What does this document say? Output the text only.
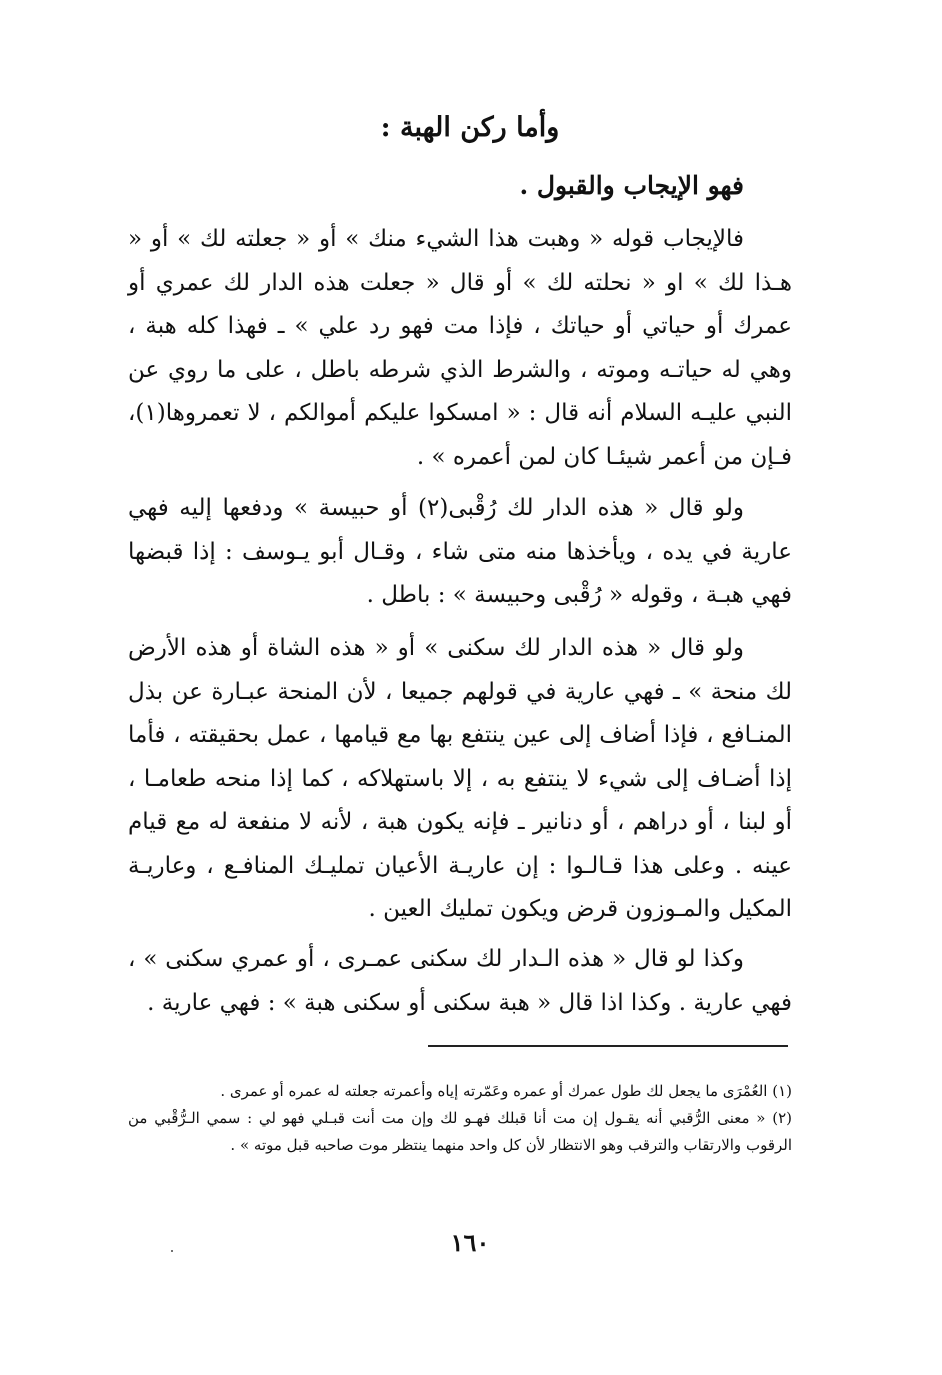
وأما ركن الهبة :
فهو الإيجاب والقبول .

فالإيجاب قوله « وهبت هذا الشيء منك » أو « جعلته لك » أو « هـذا لك » او « نحلته لك » أو قال « جعلت هذه الدار لك عمري أو عمرك أو حياتي أو حياتك ، فإذا مت فهو رد علي » ـ فهذا كله هبة ، وهي له حياتـه وموته ، والشرط الذي شرطه باطل ، على ما روي عن النبي عليـه السلام أنه قال : « امسكوا عليكم أموالكم ، لا تعمروها(١)، فـإن من أعمر شيئـا كان لمن أعمره » .

ولو قال « هذه الدار لك رُقْبى(٢) أو حبيسة » ودفعها إليه فهي عارية في يده ، ويأخذها منه متى شاء ، وقـال أبو يـوسف : إذا قبضها فهي هبـة ، وقوله « رُقْبى وحبيسة » : باطل .

ولو قال « هذه الدار لك سكنى » أو « هذه الشاة أو هذه الأرض لك منحة » ـ فهي عارية في قولهم جميعا ، لأن المنحة عبـارة عن بذل المنـافع ، فإذا أضاف إلى عين ينتفع بها مع قيامها ، عمل بحقيقته ، فأما إذا أضـاف إلى شيء لا ينتفع به ، إلا باستهلاكه ، كما إذا منحه طعامـا ، أو لبنا ، أو دراهم ، أو دنانير ـ فإنه يكون هبة ، لأنه لا منفعة له مع قيام عينه . وعلى هذا قـالـوا : إن عاريـة الأعيان تمليـك المنافـع ، وعاريـة المكيل والمـوزون قرض ويكون تمليك العين .

وكذا لو قال « هذه الـدار لك سكنى عمـرى ، أو عمري سكنى » ، فهي عارية . وكذا اذا قال « هبة سكنى أو سكنى هبة » : فهي عارية .

(١) العُمْرَى ما يجعل لك طول عمرك أو عمره وعَمّرته إياه وأعمرته جعلته له عمره أو عمرى .
(٢) « معنى الرُّقبي أنه يقـول إن مت أنا قبلك فهـو لك وإن مت أنت قبـلي فهو لي : سمي الـرُّقْبي من الرقوب والارتقاب والترقب وهو الانتظار لأن كل واحد منهما ينتظر موت صاحبه قبل موته » .
١٦٠
